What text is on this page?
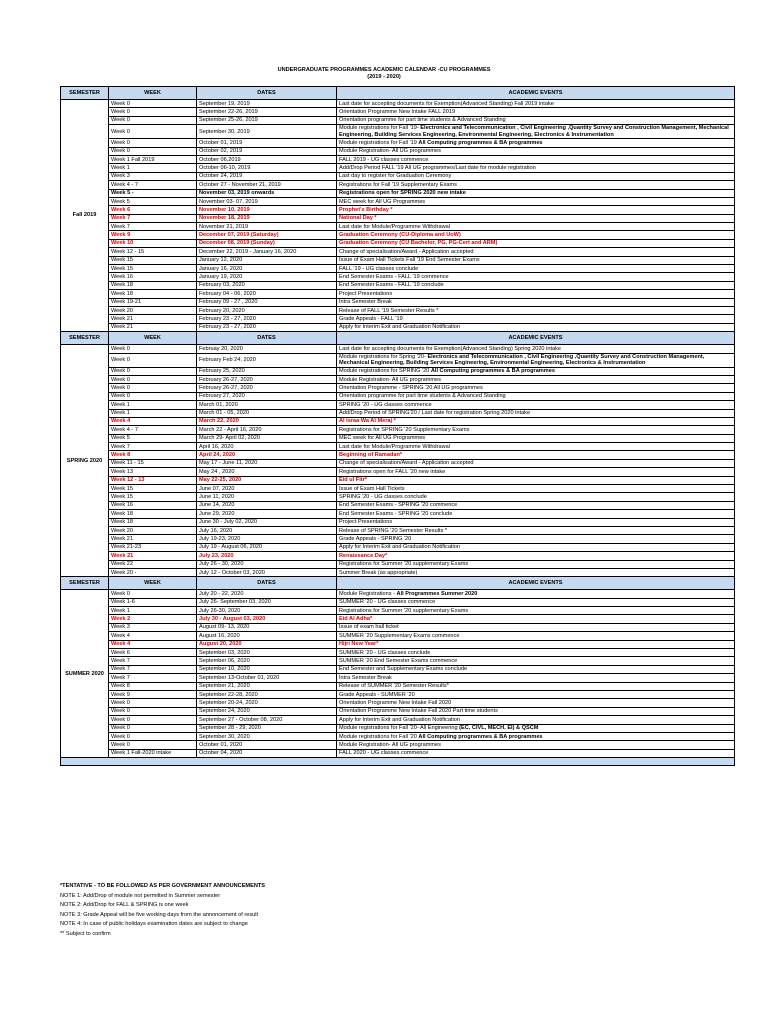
UNDERGRADUATE PROGRAMMES ACADEMIC CALENDAR -CU PROGRAMMES
(2019 - 2020)
SEMESTER	WEEK	DATES	ACADEMIC EVENTS
Fall 2019	Week 0	September 19, 2019	Last date for accepting documents for Exemption(Advanced Standing) Fall 2019 intake
	Week 0	September 22-26, 2019	Orientation Programme New Intake FALL 2019
	Week 0	September 25-26, 2019	Orientation programme for part time students & Advanced Standing
	Week 0	September 30, 2019	Module registrations for Fall '19- Electronics and Telecommunication , Civil Engineering ,Quantity Survey and Construction Management, Mechanical Engineering, Building Services Engineering, Environmental Engineering, Electronics & Instrumentation
	Week 0	October 01, 2019	Module registrations for Fall '19 All Computing programmes & BA programmes
	Week 0	October 02, 2019	Module Registration- All UG programmes
	Week 1 Fall 2019	October 06,2019	FALL 2019 - UG classes commence
	Week 1	October 06-10, 2019	Add/Drop Period FALL '19 All UG programmes/Last date for module registration
	Week 3	October 24, 2019	Last day to register for Graduation Ceremony
	Week 4 - 7	October 27 - November 21, 2019	Registrations for Fall '19 Supplementary Exams
	Week 5 -	November 03, 2019 onwards	Registrations open for SPRING 2020 new intake
	Week 5	November 03- 07, 2019	MEC week for All UG Programmes
	Week 6	November 10, 2019	Prophet's Birthday *
	Week 7	November 18, 2019	National Day *
	Week 7	November 21, 2019	Last date for Module/Programme Withdrawal
	Week 9	December 07, 2019 (Saturday)	Graduation Ceremony (CU-Diploma and UoW)
	Week 10	December 08, 2019 (Sunday)	Graduation Ceremony (CU Bachelor, PG, PG-Cert and ARM)
	Week 12 - 15	December 22, 2019 - January 16, 2020	Change of specialisation/Award - Application accepted
	Week 15	January 12, 2020	Issue of Exam Hall Tickets Fall '19 End Semester Exams
	Week 15	January 16, 2020	FALL '19 - UG classes conclude
	Week 16	January 19, 2020	End Semester Exams - FALL '19 commence
	Week 18	February 03, 2020	End Semester Exams - FALL '19 conclude
	Week 18	February 04 - 06, 2020	Project Presentations
	Week 19-21	February 09 - 27 , 2020	Intra Semester Break
	Week 20	February 20, 2020	Release of FALL '19 Semester Results *
	Week 21	February 23 - 27, 2020	Grade Appeals - FALL '19
	Week 21	February 23 - 27, 2020	Apply for Interim Exit and Graduation Notification
SEMESTER	WEEK	DATES	ACADEMIC EVENTS
SPRING 2020	Week 0	Februay 20, 2020	Last date for accepting documents for Exemption(Advanced Standing) Spring 2020 intake
	Week 0	February Feb 24, 2020	Module registrations for Spring '20- Electronics and Telecommunication , Civil Engineering ,Quantity Survey and Construction Management, Mechanical Engineering, Building Services Engineering, Environmental Engineering, Electronics & Instrumentation
	Week 0	February 25, 2020	Module registrations for SPRING '20 All Computing programmes & BA programmes
	Week 0	February 26-27, 2020	Module Registration- All UG programmes
	Week 0	February 26-27, 2020	Orientation Programme - SPRING '20 All UG programmes
	Week 0	February 27, 2020	Orientation programme for part time students & Advanced Standing
	Week 1	March 01, 2020	SPRING '20 - UG classes commence
	Week 1	March 01 - 05, 2020	Add/Drop Period of SPRING'20 / Last date for registration Spring 2020 intake
	Week 4	March 22, 2020	Al Israa Wa Al Meraj *
	Week 4 - 7	March 22 - April 16, 2020	Registrations for SPRING '20 Supplementary Exams
	Week 5	March 29- April 02, 2020	MEC week for All UG Programmes
	Week 7	April 16, 2020	Last date for Module/Programme Withdrawal
	Week 8	April 24, 2020	Beginning of Ramadan*
	Week 11 - 15	May 17 - June 11, 2020	Change of specialisation/Award - Application accepted
	Week 13	May 24 , 2020	Registrations open for FALL '20 new intake
	Week 12 - 13	May 22-25, 2020	Eid ul Fitr*
	Week 15	June 07, 2020	Issue of Exam Hall Tickets
	Week 15	June 11, 2020	SPRING '20 - UG classes conclude
	Week 16	June 14, 2020	End Semester Exams - SPRING '20 commence
	Week 18	June 29, 2020	End Semester Exams - SPRING '20 conclude
	Week 18	June 30 - July 02, 2020	Project Presentations
	Week 20	July 16, 2020	Release of SPRING '20 Semester Results *
	Week 21	July 19-23, 2020	Grade Appeals - SPRING '20
	Week 21-23	July 19 - August 06, 2020	Apply for Interim Exit and Graduation Notification
	Week 21	July 23, 2020	Renaissance Day*
	Week 22	July 26 - 30, 2020	Registrations for Summer '20 supplementary Exams
	Week 20 -	July 12 - October 03, 2020	Summer Break (as appropriate)
SEMESTER	WEEK	DATES	ACADEMIC EVENTS
SUMMER 2020	Week 0	July 20 - 22, 2020	Module Registrations - All Programmes Summer 2020
	Week 1-6	July 26- September 03, 2020	SUMMER '20 - UG classes commence
	Week 1	July 26-30, 2020	Registrations for Summer '20 supplementary Exams
	Week 2	July 30 - August 03, 2020	Eid Al Adha*
	Week 3	August 09- 13, 2020	Issue of exam hall ticket
	Week 4	August 16, 2020	SUMMER '20 Supplementary Exams commence
	Week 4	August 20, 2020	Hijri New Year*
	Week 6	September 03, 2020	SUMMER '20 - UG classes conclude
	Week 7	September 06, 2020	SUMMER '20 End Semester Exams commence
	Week 7	September 10, 2020	End Semester and Supplementary Exams conclude
	Week 7	September 13-October 01, 2020	Intra Semester Break
	Week 8	September 21, 2020	Release of SUMMER '20 Semester Results*
	Week 9	September 22-28, 2020	Grade Appeals - SUMMER '20
	Week 0	September 20-24, 2020	Orientation Programme New Intake Fall 2020
	Week 0	September 24, 2020	Orientation Programme New Intake Fall 2020 Part time students
	Week 0	September 27 - October 08, 2020	Apply for Interim Exit and Graduation Notification
	Week 0	September 28 - 29, 2020	Module registrations for Fall '20- All Engineering (EC, CIVL, MECH, EI) & QSCM
	Week 0	September 30, 2020	Module registrations for Fall '20 All Computing programmes & BA programmes
	Week 0	October 01, 2020	Module Registration- All UG programmes
	Week 1 Fall-2020 intake	October 04, 2020	FALL 2020 - UG classes commence

*TENTATIVE - TO BE FOLLOWED AS PER GOVERNMENT ANNOUNCEMENTS
NOTE 1: Add/Drop of module not permitted in Summer semester
NOTE 2: Add/Drop for FALL & SPRING is one week
NOTE 3: Grade Appeal will be five working days from the annoncement of result
NOTE 4: In case of public holidays examination dates are subject to change
** Subject to confirm
